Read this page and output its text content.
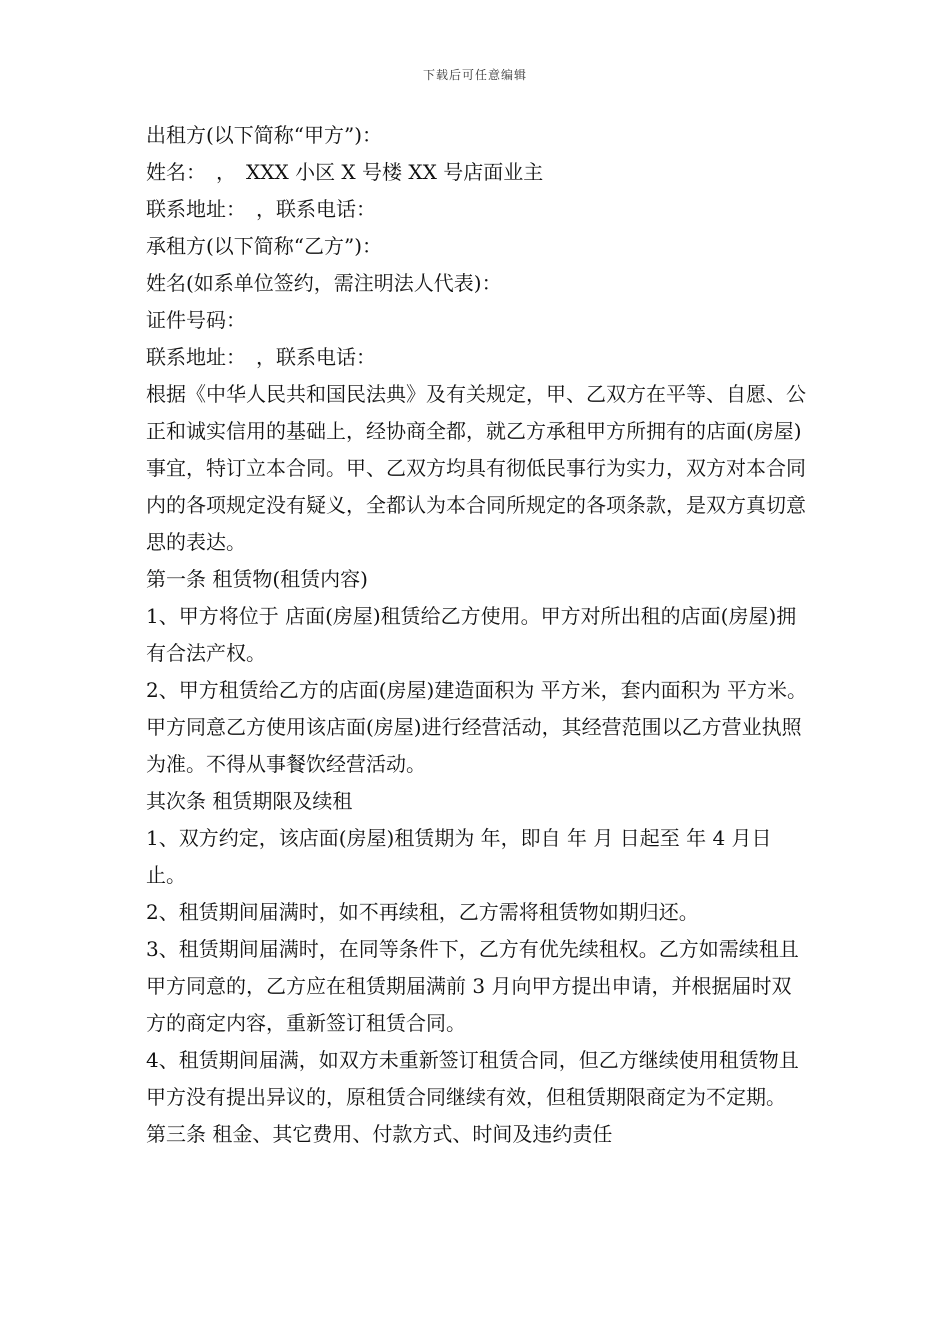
下载后可任意编辑

出租方(以下简称“甲方”)：

姓名：　，　XXX 小区 X 号楼 XX 号店面业主

联系地址：　，联系电话：

承租方(以下简称“乙方”)：

姓名(如系单位签约，需注明法人代表)：

证件号码：

联系地址：　，联系电话：

根据《中华人民共和国民法典》及有关规定，甲、乙双方在平等、自愿、公正和诚实信用的基础上，经协商全都，就乙方承租甲方所拥有的店面(房屋)事宜，特订立本合同。甲、乙双方均具有彻低民事行为实力，双方对本合同内的各项规定没有疑义，全都认为本合同所规定的各项条款，是双方真切意思的表达。

第一条 租赁物(租赁内容)

1、甲方将位于 店面(房屋)租赁给乙方使用。甲方对所出租的店面(房屋)拥有合法产权。

2、甲方租赁给乙方的店面(房屋)建造面积为 平方米，套内面积为 平方米。甲方同意乙方使用该店面(房屋)进行经营活动，其经营范围以乙方营业执照为准。不得从事餐饮经营活动。

其次条 租赁期限及续租

1、双方约定，该店面(房屋)租赁期为 年，即自 年 月 日起至 年 4 月日止。

2、租赁期间届满时，如不再续租，乙方需将租赁物如期归还。

3、租赁期间届满时，在同等条件下，乙方有优先续租权。乙方如需续租且甲方同意的，乙方应在租赁期届满前 3 月向甲方提出申请，并根据届时双方的商定内容，重新签订租赁合同。

4、租赁期间届满，如双方未重新签订租赁合同，但乙方继续使用租赁物且甲方没有提出异议的，原租赁合同继续有效，但租赁期限商定为不定期。

第三条 租金、其它费用、付款方式、时间及违约责任
